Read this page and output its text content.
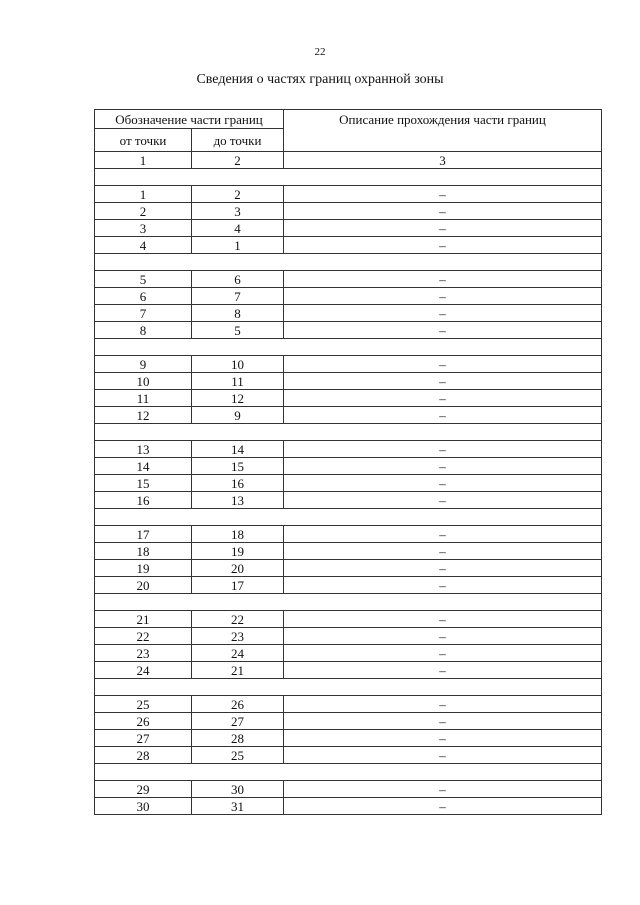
22
Сведения о частях границ охранной зоны
Обозначение части границ		Описание прохождения части границ
от точки	до точки	
1	2	3

1	2	–
2	3	–
3	4	–
4	1	–

5	6	–
6	7	–
7	8	–
8	5	–

9	10	–
10	11	–
11	12	–
12	9	–

13	14	–
14	15	–
15	16	–
16	13	–

17	18	–
18	19	–
19	20	–
20	17	–

21	22	–
22	23	–
23	24	–
24	21	–

25	26	–
26	27	–
27	28	–
28	25	–

29	30	–
30	31	–
